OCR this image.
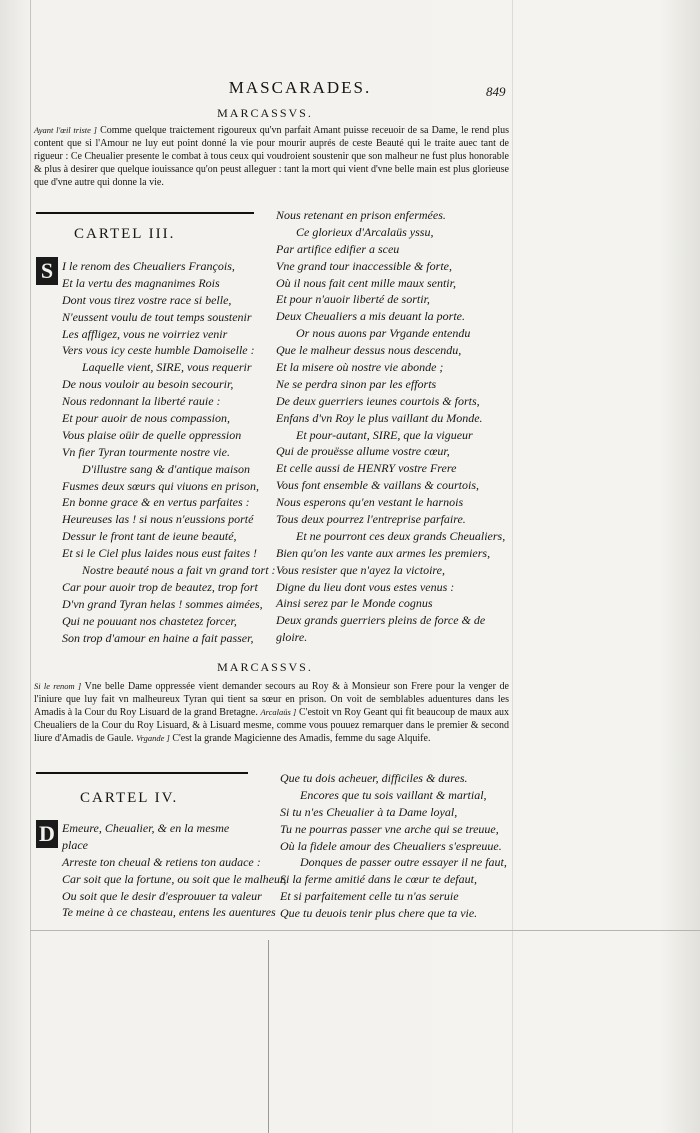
MASCARADES.	849
MARCASSVS.
Ayant l'œil triste ] Comme quelque traictement rigoureux qu'vn parfait Amant puisse receuoir de sa Dame, le rend plus content que si l'Amour ne luy eut point donné la vie pour mourir auprés de ceste Beauté qui le traite auec tant de rigueur : Ce Cheualier presente le combat à tous ceux qui voudroient soustenir que son malheur ne fust plus honorable & plus à desirer que quelque iouissance qu'on peust alleguer : tant la mort qui vient d'vne belle main est plus glorieuse que d'vne autre qui donne la vie.
CARTEL III.
S I le renom des Cheualiers François,
Et la vertu des magnanimes Rois
Dont vous tirez vostre race si belle,
N'eussent voulu de tout temps soustenir
Les affligez, vous ne voirriez venir
Vers vous icy ceste humble Damoiselle :
Laquelle vient, SIRE, vous requerir
De nous vouloir au besoin secourir,
Nous redonnant la liberté rauie :
Et pour auoir de nous compassion,
Vous plaise oüir de quelle oppression
Vn fier Tyran tourmente nostre vie.
D'illustre sang & d'antique maison
Fusmes deux sœurs qui viuons en prison,
En bonne grace & en vertus parfaites :
Heureuses las ! si nous n'eussions porté
Dessur le front tant de ieune beauté,
Et si le Ciel plus laides nous eust faites !
Nostre beauté nous a fait vn grand tort :
Car pour auoir trop de beautez, trop fort
D'vn grand Tyran helas ! sommes aimées,
Qui ne pouuant nos chastetez forcer,
Son trop d'amour en haine a fait passer,
Nous retenant en prison enfermées.
Ce glorieux d'Arcalaüs yssu,
Par artifice edifier a sceu
Vne grand tour inaccessible & forte,
Où il nous fait cent mille maux sentir,
Et pour n'auoir liberté de sortir,
Deux Cheualiers a mis deuant la porte.
Or nous auons par Vrgande entendu
Que le malheur dessus nous descendu,
Et la misere où nostre vie abonde ;
Ne se perdra sinon par les efforts
De deux guerriers ieunes courtois & forts,
Enfans d'vn Roy le plus vaillant du Monde.
Et pour-autant, SIRE, que la vigueur
Qui de prouësse allume vostre cœur,
Et celle aussi de HENRY vostre Frere
Vous font ensemble & vaillans & courtois,
Nous esperons qu'en vestant le harnois
Tous deux pourrez l'entreprise parfaire.
Et ne pourront ces deux grands Cheualiers,
Bien qu'on les vante aux armes les premiers,
Vous resister que n'ayez la victoire,
Digne du lieu dont vous estes venus :
Ainsi serez par le Monde cognus
Deux grands guerriers pleins de force & de
gloire.
MARCASSVS.
Si le renom ] Vne belle Dame oppressée vient demander secours au Roy & à Monsieur son Frere pour la venger de l'iniure que luy fait vn malheureux Tyran qui tient sa sœur en prison. On voit de semblables aduentures dans les Amadis à la Cour du Roy Lisuard de la grand Bretagne. Arcalaüs ] C'estoit vn Roy Geant qui fit beaucoup de maux aux Cheualiers de la Cour du Roy Lisuard, & à Lisuard mesme, comme vous pouuez remarquer dans le premier & second liure d'Amadis de Gaule. Vrgande ] C'est la grande Magicienne des Amadis, femme du sage Alquife.
CARTEL IV.
D Emeure, Cheualier, & en la mesme
place
Arreste ton cheual & retiens ton audace :
Car soit que la fortune, ou soit que le malheur,
Ou soit que le desir d'esprouuer ta valeur
Te meine à ce chasteau, entens les auentures
Que tu dois acheuer, difficiles & dures.
Encores que tu sois vaillant & martial,
Si tu n'es Cheualier à ta Dame loyal,
Tu ne pourras passer vne arche qui se treuue,
Où la fidele amour des Cheualiers s'espreuue.
Donques de passer outre essayer il ne faut,
Si la ferme amitié dans le cœur te defaut,
Et si parfaitement celle tu n'as seruie
Que tu deuois tenir plus chere que ta vie.
